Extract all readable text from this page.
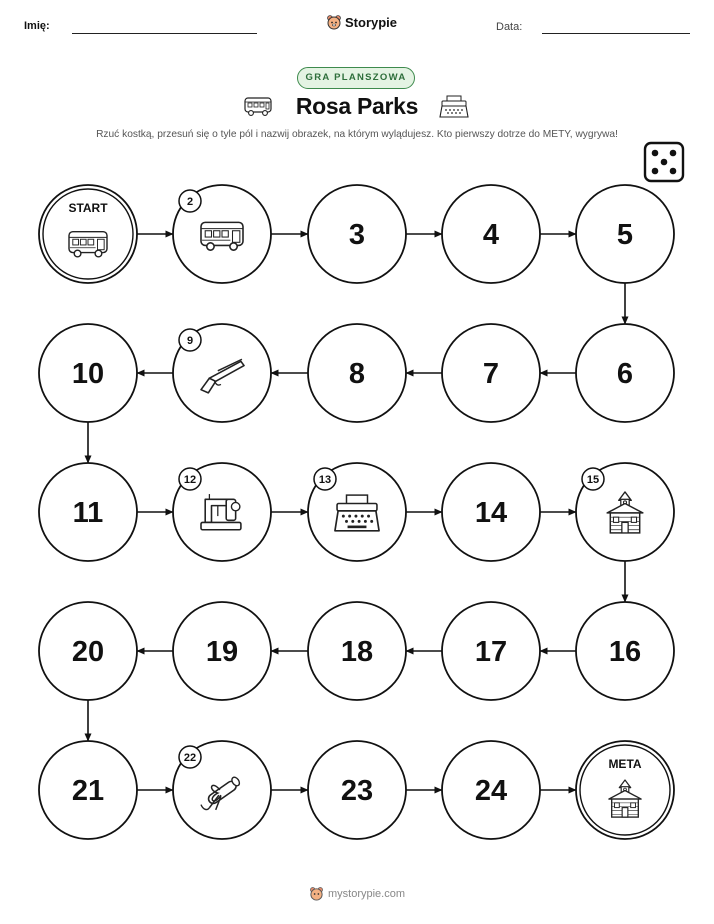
Imię:	Storypie	Data:
GRA PLANSZOWA
Rosa Parks
Rzuć kostką, przesuń się o tyle pól i nazwij obrazek, na którym wylądujesz. Kto pierwszy dotrze do METY, wygrywa!
START	2
3	4	5
6
7
8
9
10
11
12	13
14
15
16
17
18
19
20
21
22
23	24
META
mystorypie.com
